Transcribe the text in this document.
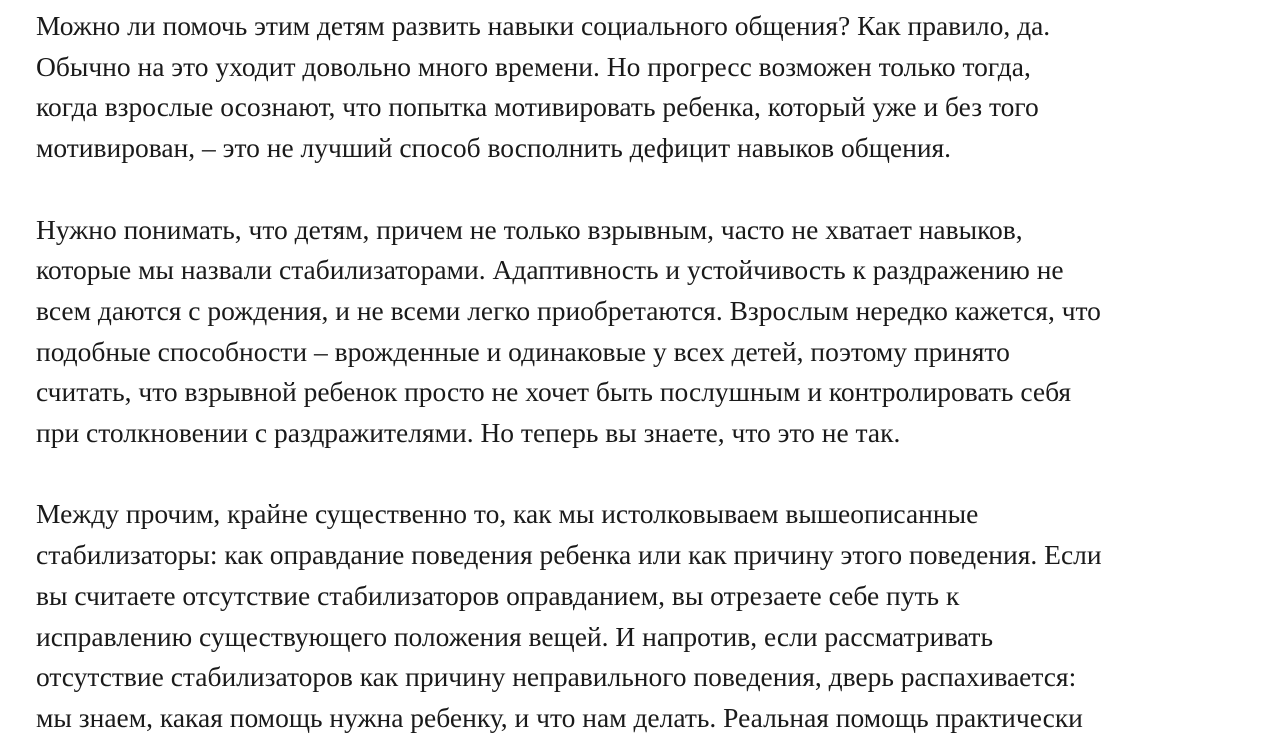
Можно ли помочь этим детям развить навыки социального общения? Как правило, да.
Обычно на это уходит довольно много времени. Но прогресс возможен только тогда,
когда взрослые осознают, что попытка мотивировать ребенка, который уже и без того
мотивирован, – это не лучший способ восполнить дефицит навыков общения.

Нужно понимать, что детям, причем не только взрывным, часто не хватает навыков,
которые мы назвали стабилизаторами. Адаптивность и устойчивость к раздражению не
всем даются с рождения, и не всеми легко приобретаются. Взрослым нередко кажется, что
подобные способности – врожденные и одинаковые у всех детей, поэтому принято
считать, что взрывной ребенок просто не хочет быть послушным и контролировать себя
при столкновении с раздражителями. Но теперь вы знаете, что это не так.

Между прочим, крайне существенно то, как мы истолковываем вышеописанные
стабилизаторы: как оправдание поведения ребенка или как причину этого поведения. Если
вы считаете отсутствие стабилизаторов оправданием, вы отрезаете себе путь к
исправлению существующего положения вещей. И напротив, если рассматривать
отсутствие стабилизаторов как причину неправильного поведения, дверь распахивается:
мы знаем, какая помощь нужна ребенку, и что нам делать. Реальная помощь практически
